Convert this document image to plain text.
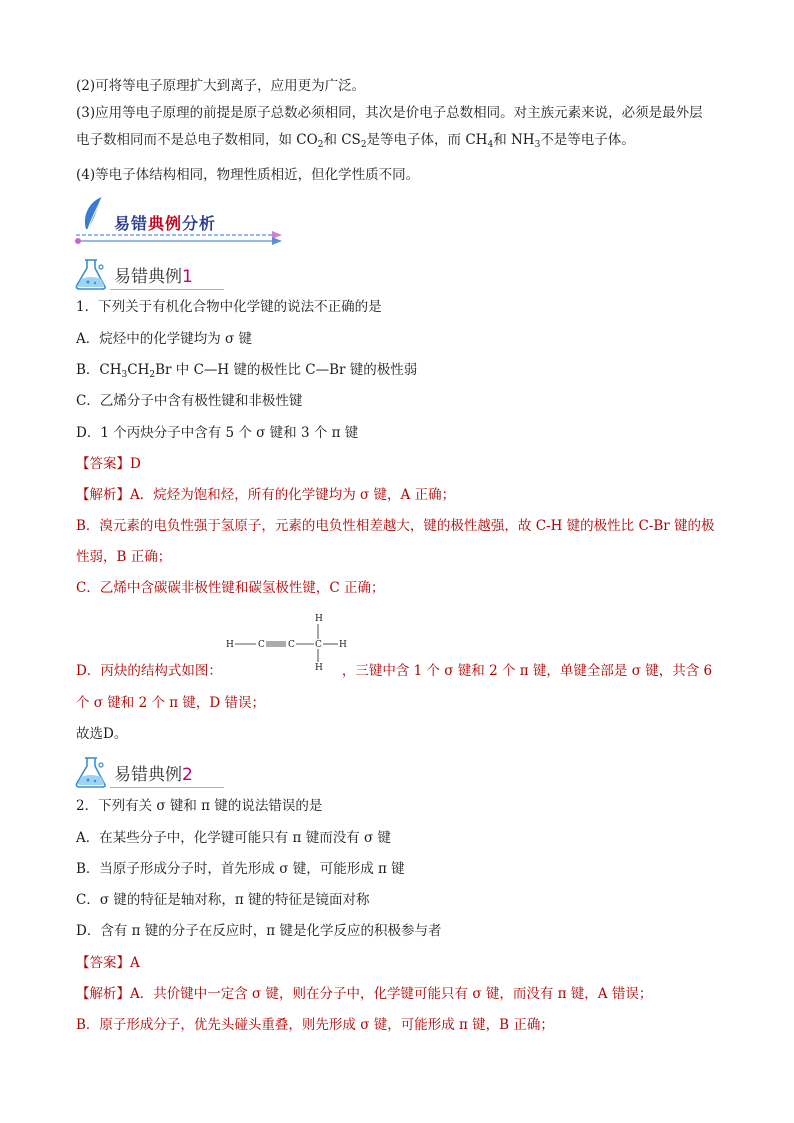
(2)可将等电子原理扩大到离子，应用更为广泛。
(3)应用等电子原理的前提是原子总数必须相同，其次是价电子总数相同。对主族元素来说，必须是最外层
电子数相同而不是总电子数相同，如 $CO_2$和 $CS_2$是等电子体，而 $CH_4$和 $NH_3$不是等电子体。
(4)等电子体结构相同，物理性质相近，但化学性质不同。
易错典例分析
易错典例1
1．下列关于有机化合物中化学键的说法不正确的是
A．烷烃中的化学键均为 σ 键
B．$CH_3CH_2Br$ 中 C—H 键的极性比 C—Br 键的极性弱
C．乙烯分子中含有极性键和非极性键
D．1 个丙炔分子中含有 5 个 σ 键和 3 个 π 键
【答案】D
【解析】A．烷烃为饱和烃，所有的化学键均为 σ 键，A 正确；
B．溴元素的电负性强于氢原子，元素的电负性相差越大，键的极性越强，故 C-H 键的极性比 C-Br 键的极
性弱，B 正确；
C．乙烯中含碳碳非极性键和碳氢极性键，C 正确；
H	C	C C
H
H
H
D．丙炔的结构式如图：	，三键中含 1 个 σ 键和 2 个 π 键，单键全部是 σ 键，共含 6
个 σ 键和 2 个 π 键，D 错误；
故选D。
易错典例2
2．下列有关 σ 键和 π 键的说法错误的是
A．在某些分子中，化学键可能只有 π 键而没有 σ 键
B．当原子形成分子时，首先形成 σ 键，可能形成 π 键
C．σ 键的特征是轴对称，π 键的特征是镜面对称
D．含有 π 键的分子在反应时，π 键是化学反应的积极参与者
【答案】A
【解析】A．共价键中一定含 σ 键，则在分子中，化学键可能只有 σ 键，而没有 π 键，A 错误；
B．原子形成分子，优先头碰头重叠，则先形成 σ 键，可能形成 π 键，B 正确；
